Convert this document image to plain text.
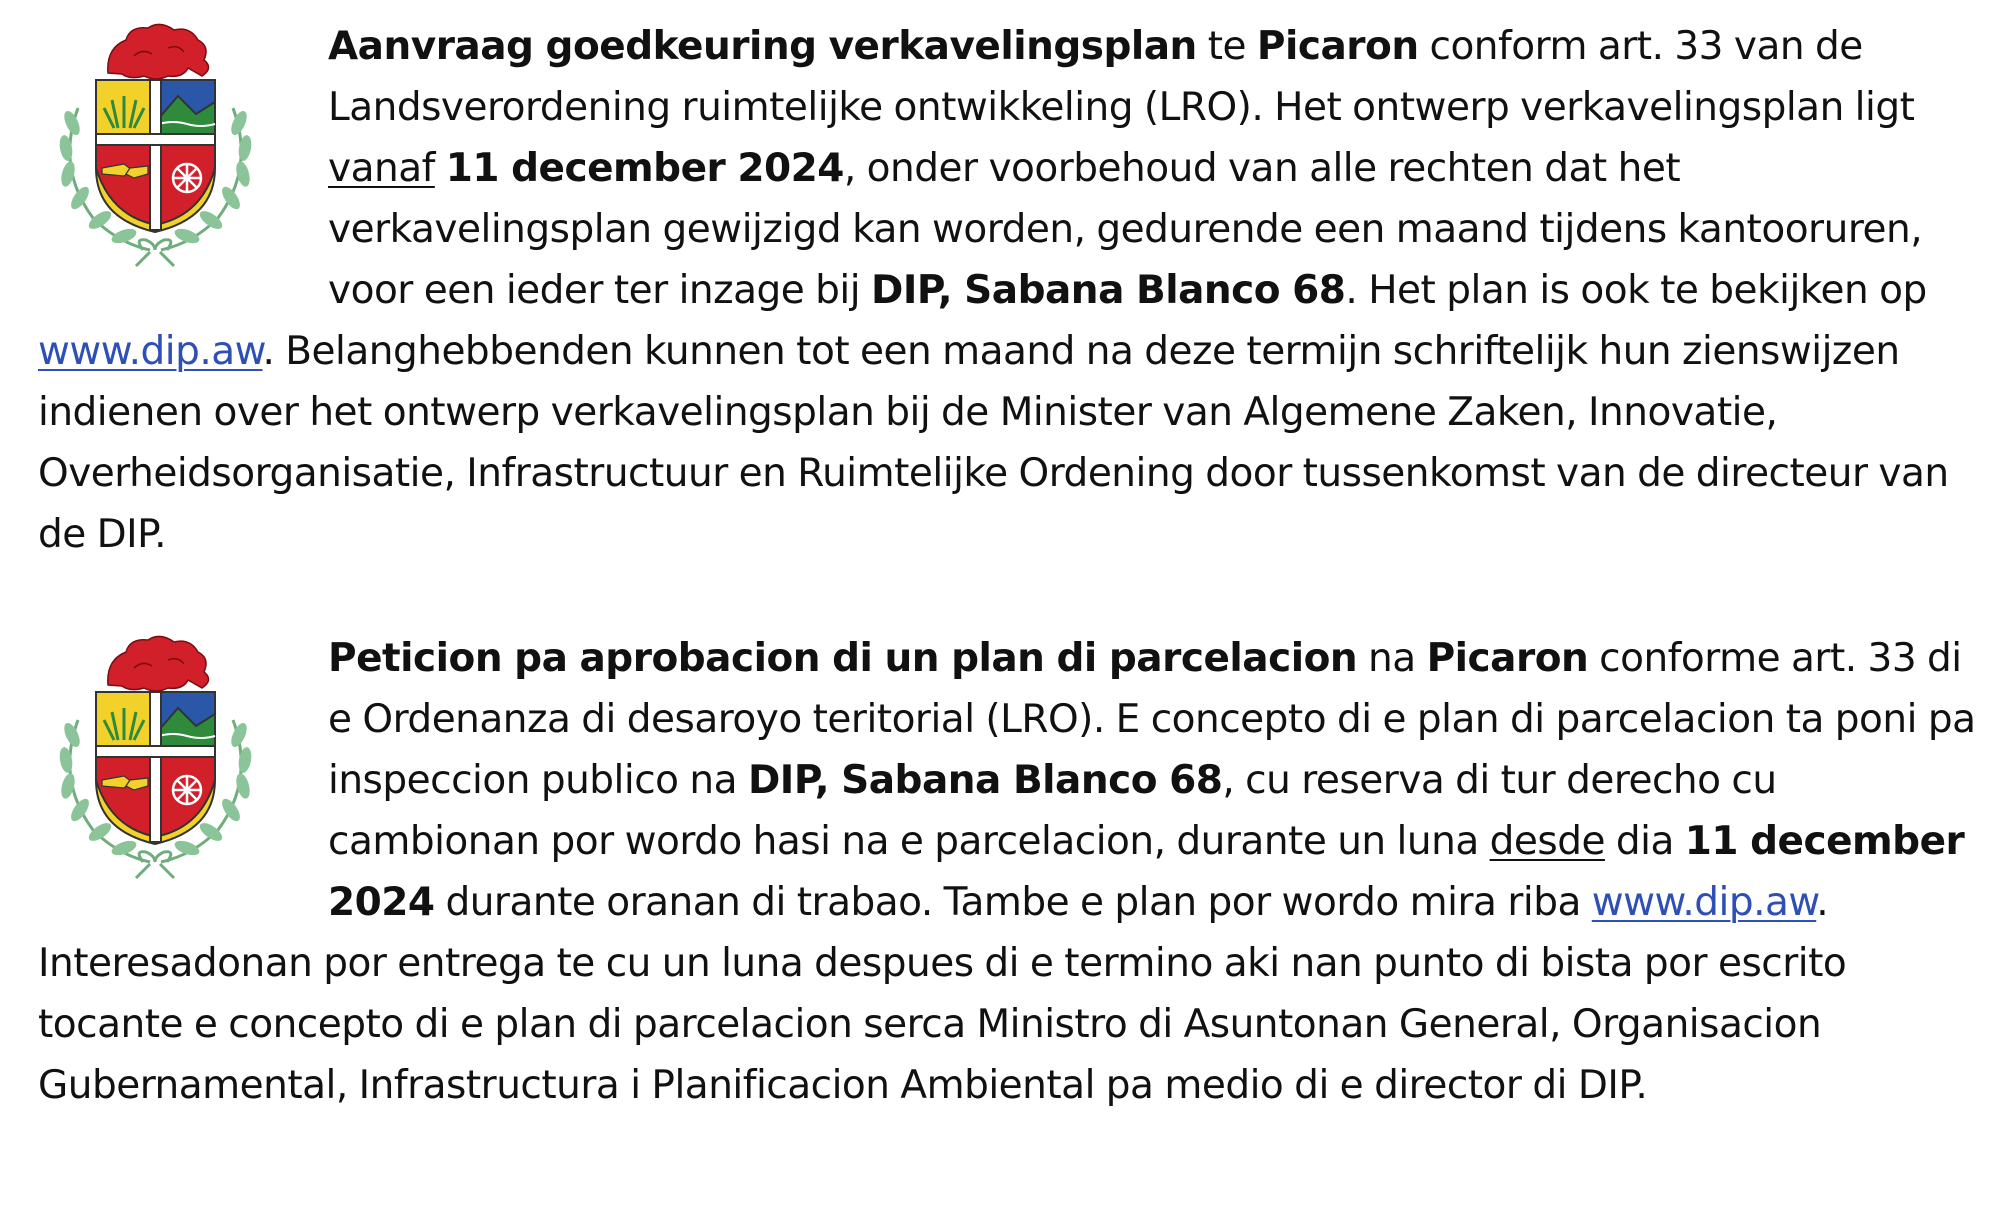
Aanvraag goedkeuring verkavelingsplan te Picaron conform art. 33 van de Landsverordening ruimtelijke ontwikkeling (LRO). Het ontwerp verkavelingsplan ligt vanaf 11 december 2024, onder voorbehoud van alle rechten dat het verkavelingsplan gewijzigd kan worden, gedurende een maand tijdens kantooruren, voor een ieder ter inzage bij DIP, Sabana Blanco 68. Het plan is ook te bekijken op www.dip.aw. Belanghebbenden kunnen tot een maand na deze termijn schriftelijk hun zienswijzen indienen over het ontwerp verkavelingsplan bij de Minister van Algemene Zaken, Innovatie, Overheidsorganisatie, Infrastructuur en Ruimtelijke Ordening door tussenkomst van de directeur van de DIP.
Peticion pa aprobacion di un plan di parcelacion na Picaron conforme art. 33 di e Ordenanza di desaroyo teritorial (LRO). E concepto di e plan di parcelacion ta poni pa inspeccion publico na DIP, Sabana Blanco 68, cu reserva di tur derecho cu cambionan por wordo hasi na e parcelacion, durante un luna desde dia 11 december 2024 durante oranan di trabao. Tambe e plan por wordo mira riba www.dip.aw. Interesadonan por entrega te cu un luna despues di e termino aki nan punto di bista por escrito tocante e concepto di e plan di parcelacion serca Ministro di Asuntonan General, Organisacion Gubernamental, Infrastructura i Planificacion Ambiental pa medio di e director di DIP.
